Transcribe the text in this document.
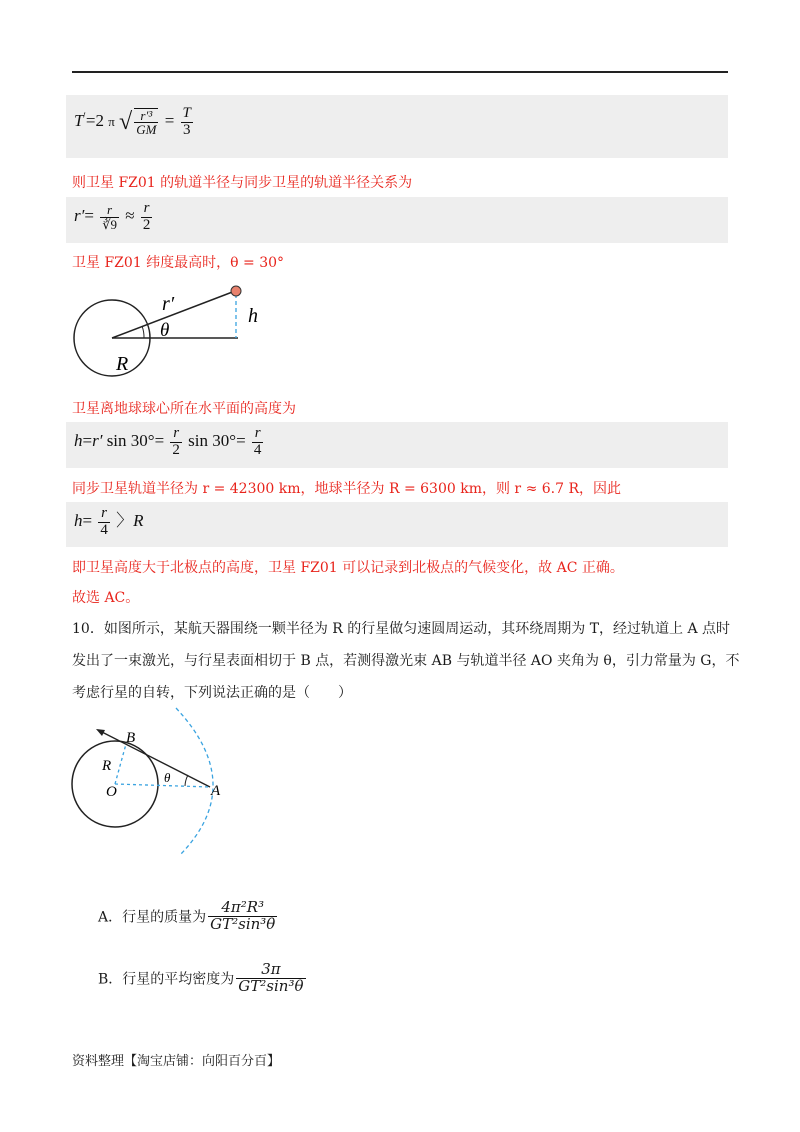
T′=2 π √ $\frac{\text{r′³}}{GM} = \frac{T}{3}$
则卫星 FZ01 的轨道半径与同步卫星的轨道半径关系为
$r'= \frac{r}{∛9} \approx \frac{r}{2}$
卫星 FZ01 纬度最高时，θ = 30°
r′
θ
h
R
卫星离地球球心所在水平面的高度为
h=r′ $\sin 30^\circ= \frac{r}{2}$ $\sin 30^\circ= \frac{r}{4}$
同步卫星轨道半径为 r = 42300 km，地球半径为 R = 6300 km，则 r ≈ 6.7 R，因此
$h= \frac{r}{4}$ 〉R
即卫星高度大于北极点的高度，卫星 FZ01 可以记录到北极点的气候变化，故 AC 正确。
故选 AC。
10．如图所示，某航天器围绕一颗半径为 R 的行星做匀速圆周运动，其环绕周期为 T，经过轨道上 A 点时
发出了一束激光，与行星表面相切于 B 点，若测得激光束 AB 与轨道半径 AO 夹角为 θ，引力常量为 G，不
考虑行星的自转，下列说法正确的是（　　）
B
R
θ
O	A
A．行星的质量为 $\frac{\text{4π²R³}}{\text{GT²sin³θ}}$
B．行星的平均密度为 $\frac{3\pi}{\text{GT²sin³θ}}$
资料整理【淘宝店铺：向阳百分百】
